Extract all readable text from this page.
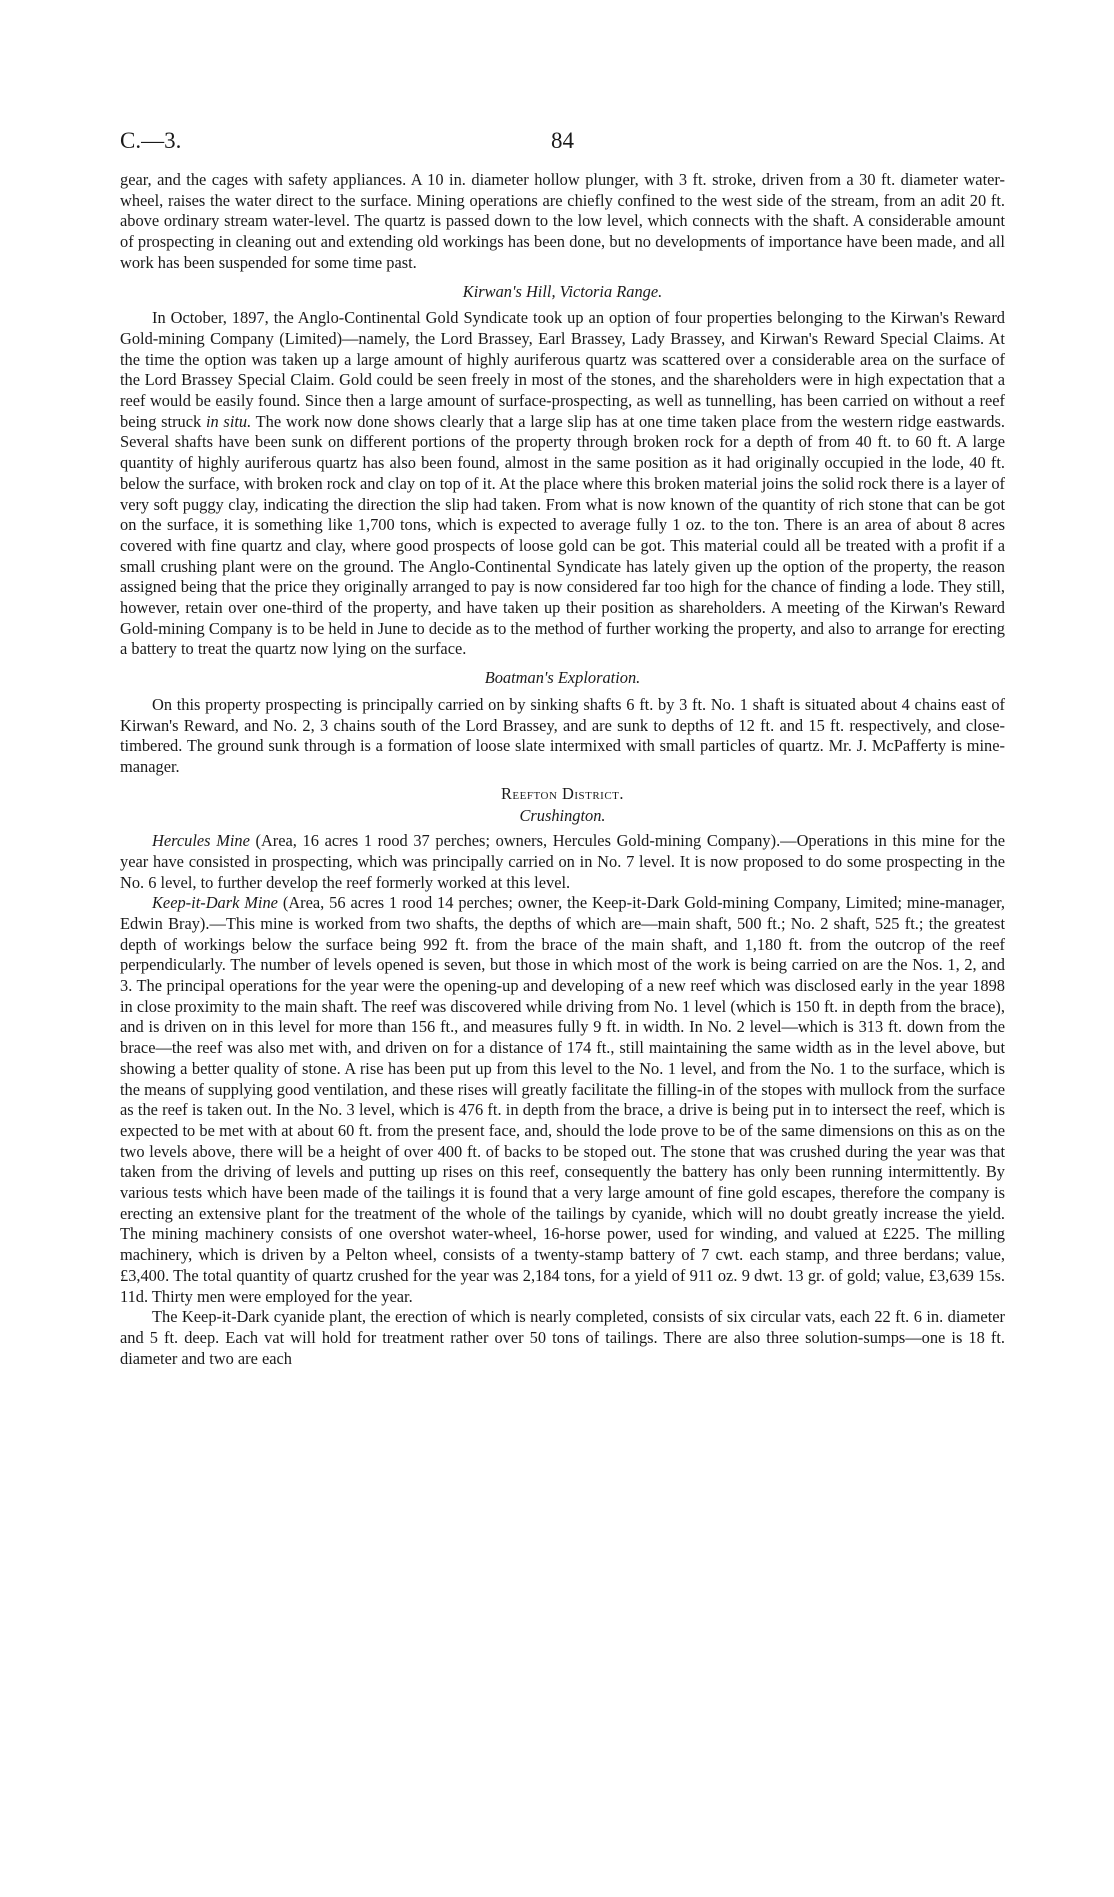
C.—3.	84

gear, and the cages with safety appliances. A 10 in. diameter hollow plunger, with 3 ft. stroke, driven from a 30 ft. diameter water-wheel, raises the water direct to the surface. Mining operations are chiefly confined to the west side of the stream, from an adit 20 ft. above ordinary stream water-level. The quartz is passed down to the low level, which connects with the shaft. A considerable amount of prospecting in cleaning out and extending old workings has been done, but no developments of importance have been made, and all work has been suspended for some time past.

Kirwan's Hill, Victoria Range.

In October, 1897, the Anglo-Continental Gold Syndicate took up an option of four properties belonging to the Kirwan's Reward Gold-mining Company (Limited)—namely, the Lord Brassey, Earl Brassey, Lady Brassey, and Kirwan's Reward Special Claims. At the time the option was taken up a large amount of highly auriferous quartz was scattered over a considerable area on the surface of the Lord Brassey Special Claim. Gold could be seen freely in most of the stones, and the shareholders were in high expectation that a reef would be easily found. Since then a large amount of surface-prospecting, as well as tunnelling, has been carried on without a reef being struck in situ. The work now done shows clearly that a large slip has at one time taken place from the western ridge eastwards. Several shafts have been sunk on different portions of the property through broken rock for a depth of from 40 ft. to 60 ft. A large quantity of highly auriferous quartz has also been found, almost in the same position as it had originally occupied in the lode, 40 ft. below the surface, with broken rock and clay on top of it. At the place where this broken material joins the solid rock there is a layer of very soft puggy clay, indicating the direction the slip had taken. From what is now known of the quantity of rich stone that can be got on the surface, it is something like 1,700 tons, which is expected to average fully 1 oz. to the ton. There is an area of about 8 acres covered with fine quartz and clay, where good prospects of loose gold can be got. This material could all be treated with a profit if a small crushing plant were on the ground. The Anglo-Continental Syndicate has lately given up the option of the property, the reason assigned being that the price they originally arranged to pay is now considered far too high for the chance of finding a lode. They still, however, retain over one-third of the property, and have taken up their position as shareholders. A meeting of the Kirwan's Reward Gold-mining Company is to be held in June to decide as to the method of further working the property, and also to arrange for erecting a battery to treat the quartz now lying on the surface.

Boatman's Exploration.

On this property prospecting is principally carried on by sinking shafts 6 ft. by 3 ft. No. 1 shaft is situated about 4 chains east of Kirwan's Reward, and No. 2, 3 chains south of the Lord Brassey, and are sunk to depths of 12 ft. and 15 ft. respectively, and close-timbered. The ground sunk through is a formation of loose slate intermixed with small particles of quartz. Mr. J. McPafferty is mine-manager.

Reefton District.

Crushington.

Hercules Mine (Area, 16 acres 1 rood 37 perches; owners, Hercules Gold-mining Company).—Operations in this mine for the year have consisted in prospecting, which was principally carried on in No. 7 level. It is now proposed to do some prospecting in the No. 6 level, to further develop the reef formerly worked at this level.

Keep-it-Dark Mine (Area, 56 acres 1 rood 14 perches; owner, the Keep-it-Dark Gold-mining Company, Limited; mine-manager, Edwin Bray).—This mine is worked from two shafts, the depths of which are—main shaft, 500 ft.; No. 2 shaft, 525 ft.; the greatest depth of workings below the surface being 992 ft. from the brace of the main shaft, and 1,180 ft. from the outcrop of the reef perpendicularly. The number of levels opened is seven, but those in which most of the work is being carried on are the Nos. 1, 2, and 3. The principal operations for the year were the opening-up and developing of a new reef which was disclosed early in the year 1898 in close proximity to the main shaft. The reef was discovered while driving from No. 1 level (which is 150 ft. in depth from the brace), and is driven on in this level for more than 156 ft., and measures fully 9 ft. in width. In No. 2 level—which is 313 ft. down from the brace—the reef was also met with, and driven on for a distance of 174 ft., still maintaining the same width as in the level above, but showing a better quality of stone. A rise has been put up from this level to the No. 1 level, and from the No. 1 to the surface, which is the means of supplying good ventilation, and these rises will greatly facilitate the filling-in of the stopes with mullock from the surface as the reef is taken out. In the No. 3 level, which is 476 ft. in depth from the brace, a drive is being put in to intersect the reef, which is expected to be met with at about 60 ft. from the present face, and, should the lode prove to be of the same dimensions on this as on the two levels above, there will be a height of over 400 ft. of backs to be stoped out. The stone that was crushed during the year was that taken from the driving of levels and putting up rises on this reef, consequently the battery has only been running intermittently. By various tests which have been made of the tailings it is found that a very large amount of fine gold escapes, therefore the company is erecting an extensive plant for the treatment of the whole of the tailings by cyanide, which will no doubt greatly increase the yield. The mining machinery consists of one overshot water-wheel, 16-horse power, used for winding, and valued at £225. The milling machinery, which is driven by a Pelton wheel, consists of a twenty-stamp battery of 7 cwt. each stamp, and three berdans; value, £3,400. The total quantity of quartz crushed for the year was 2,184 tons, for a yield of 911 oz. 9 dwt. 13 gr. of gold; value, £3,639 15s. 11d. Thirty men were employed for the year.

The Keep-it-Dark cyanide plant, the erection of which is nearly completed, consists of six circular vats, each 22 ft. 6 in. diameter and 5 ft. deep. Each vat will hold for treatment rather over 50 tons of tailings. There are also three solution-sumps—one is 18 ft. diameter and two are each
